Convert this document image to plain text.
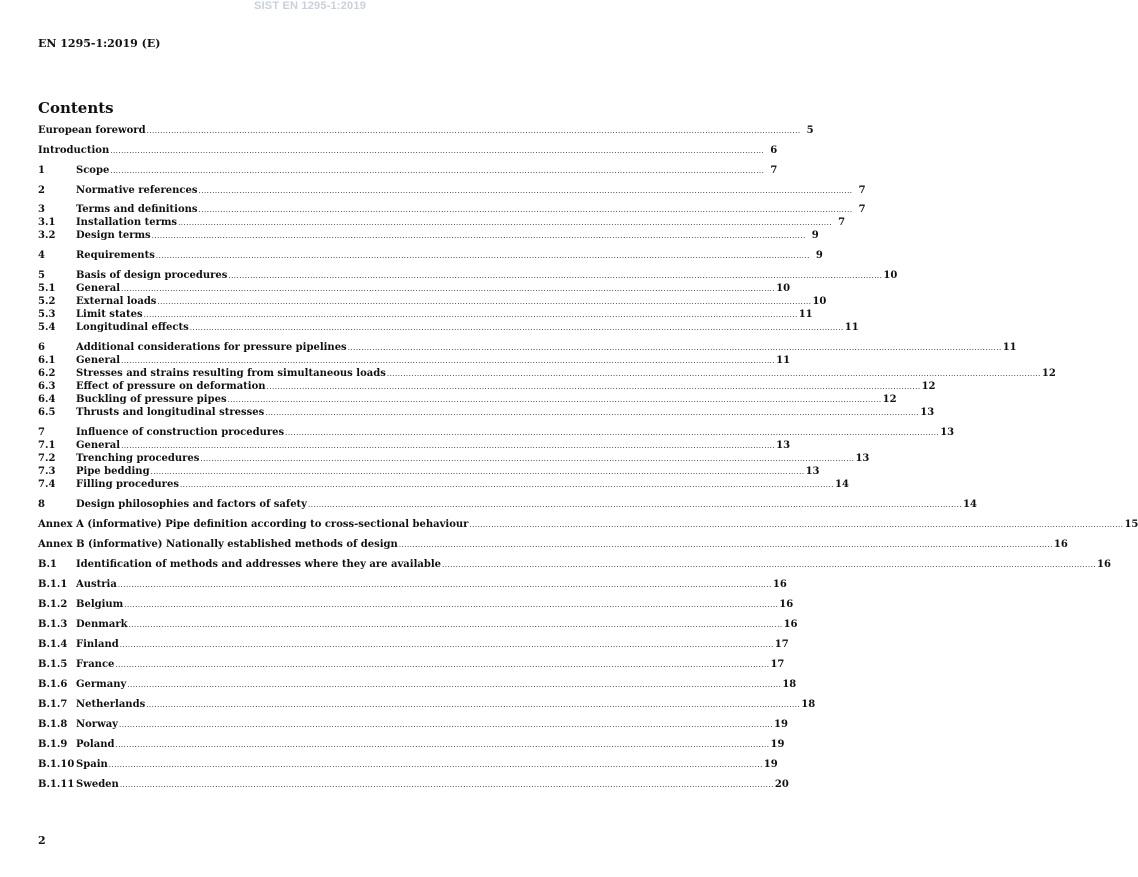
SIST EN 1295-1:2019
EN 1295-1:2019 (E)
Contents
European foreword .....	5
Introduction .....	6
1	Scope .....	7
2	Normative references .....	7
3	Terms and definitions .....	7
3.1	Installation terms .....	7
3.2	Design terms .....	9
4	Requirements .....	9
5	Basis of design procedures .....	10
5.1	General .....	10
5.2	External loads .....	10
5.3	Limit states .....	11
5.4	Longitudinal effects .....	11
6	Additional considerations for pressure pipelines .....	11
6.1	General .....	11
6.2	Stresses and strains resulting from simultaneous loads .....	12
6.3	Effect of pressure on deformation .....	12
6.4	Buckling of pressure pipes .....	12
6.5	Thrusts and longitudinal stresses .....	13
7	Influence of construction procedures .....	13
7.1	General .....	13
7.2	Trenching procedures .....	13
7.3	Pipe bedding .....	13
7.4	Filling procedures .....	14
8	Design philosophies and factors of safety .....	14
Annex A (informative) Pipe definition according to cross-sectional behaviour .....	15
Annex B (informative) Nationally established methods of design .....	16
B.1	Identification of methods and addresses where they are available .....	16
B.1.1 Austria .....	16
B.1.2 Belgium .....	16
B.1.3 Denmark .....	16
B.1.4 Finland .....	17
B.1.5 France .....	17
B.1.6 Germany .....	18
B.1.7 Netherlands .....	18
B.1.8 Norway .....	19
B.1.9 Poland .....	19
B.1.10 Spain .....	19
B.1.11 Sweden .....	20
2
